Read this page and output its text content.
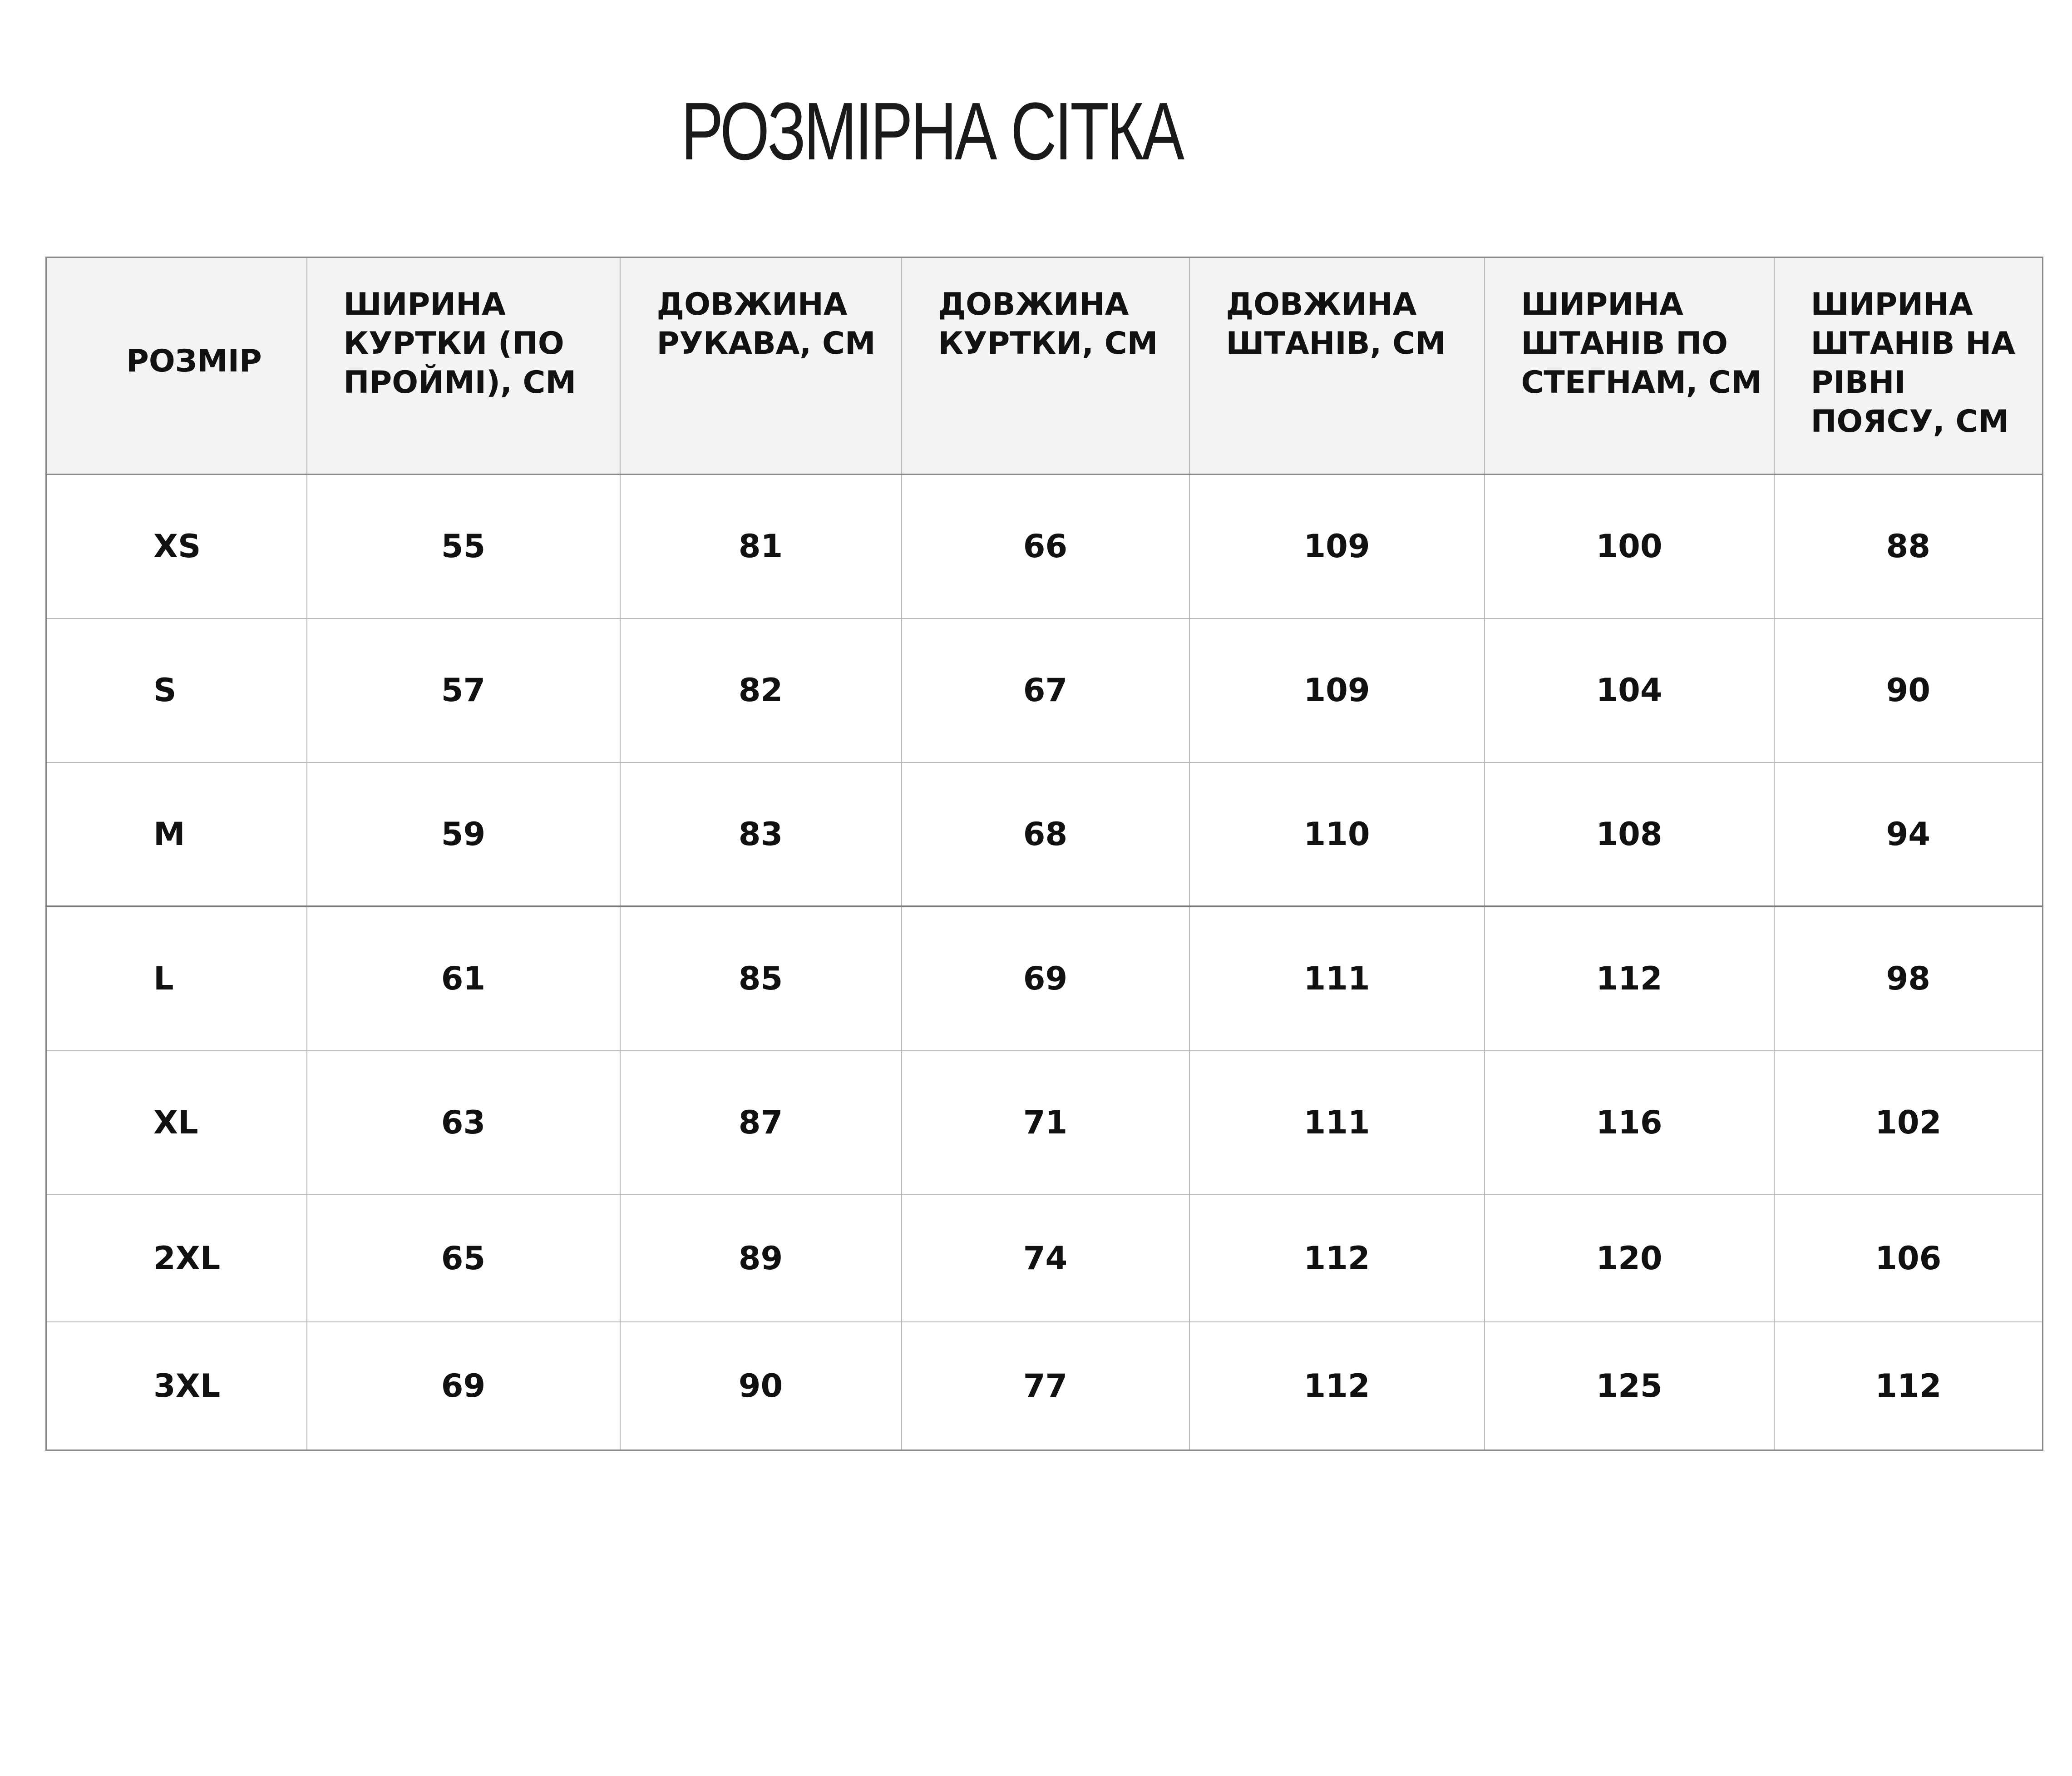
РОЗМІРНА СІТКА
РОЗМІР	ШИРИНА КУРТКИ (ПО ПРОЙМІ), СМ	ДОВЖИНА РУКАВА, СМ	ДОВЖИНА КУРТКИ, СМ	ДОВЖИНА ШТАНІВ, СМ	ШИРИНА ШТАНІВ ПО СТЕГНАМ, СМ	ШИРИНА ШТАНІВ НА РІВНІ ПОЯСУ, СМ
XS	55	81	66	109	100	88
S	57	82	67	109	104	90
M	59	83	68	110	108	94
L	61	85	69	111	112	98
XL	63	87	71	111	116	102
2XL	65	89	74	112	120	106
3XL	69	90	77	112	125	112
